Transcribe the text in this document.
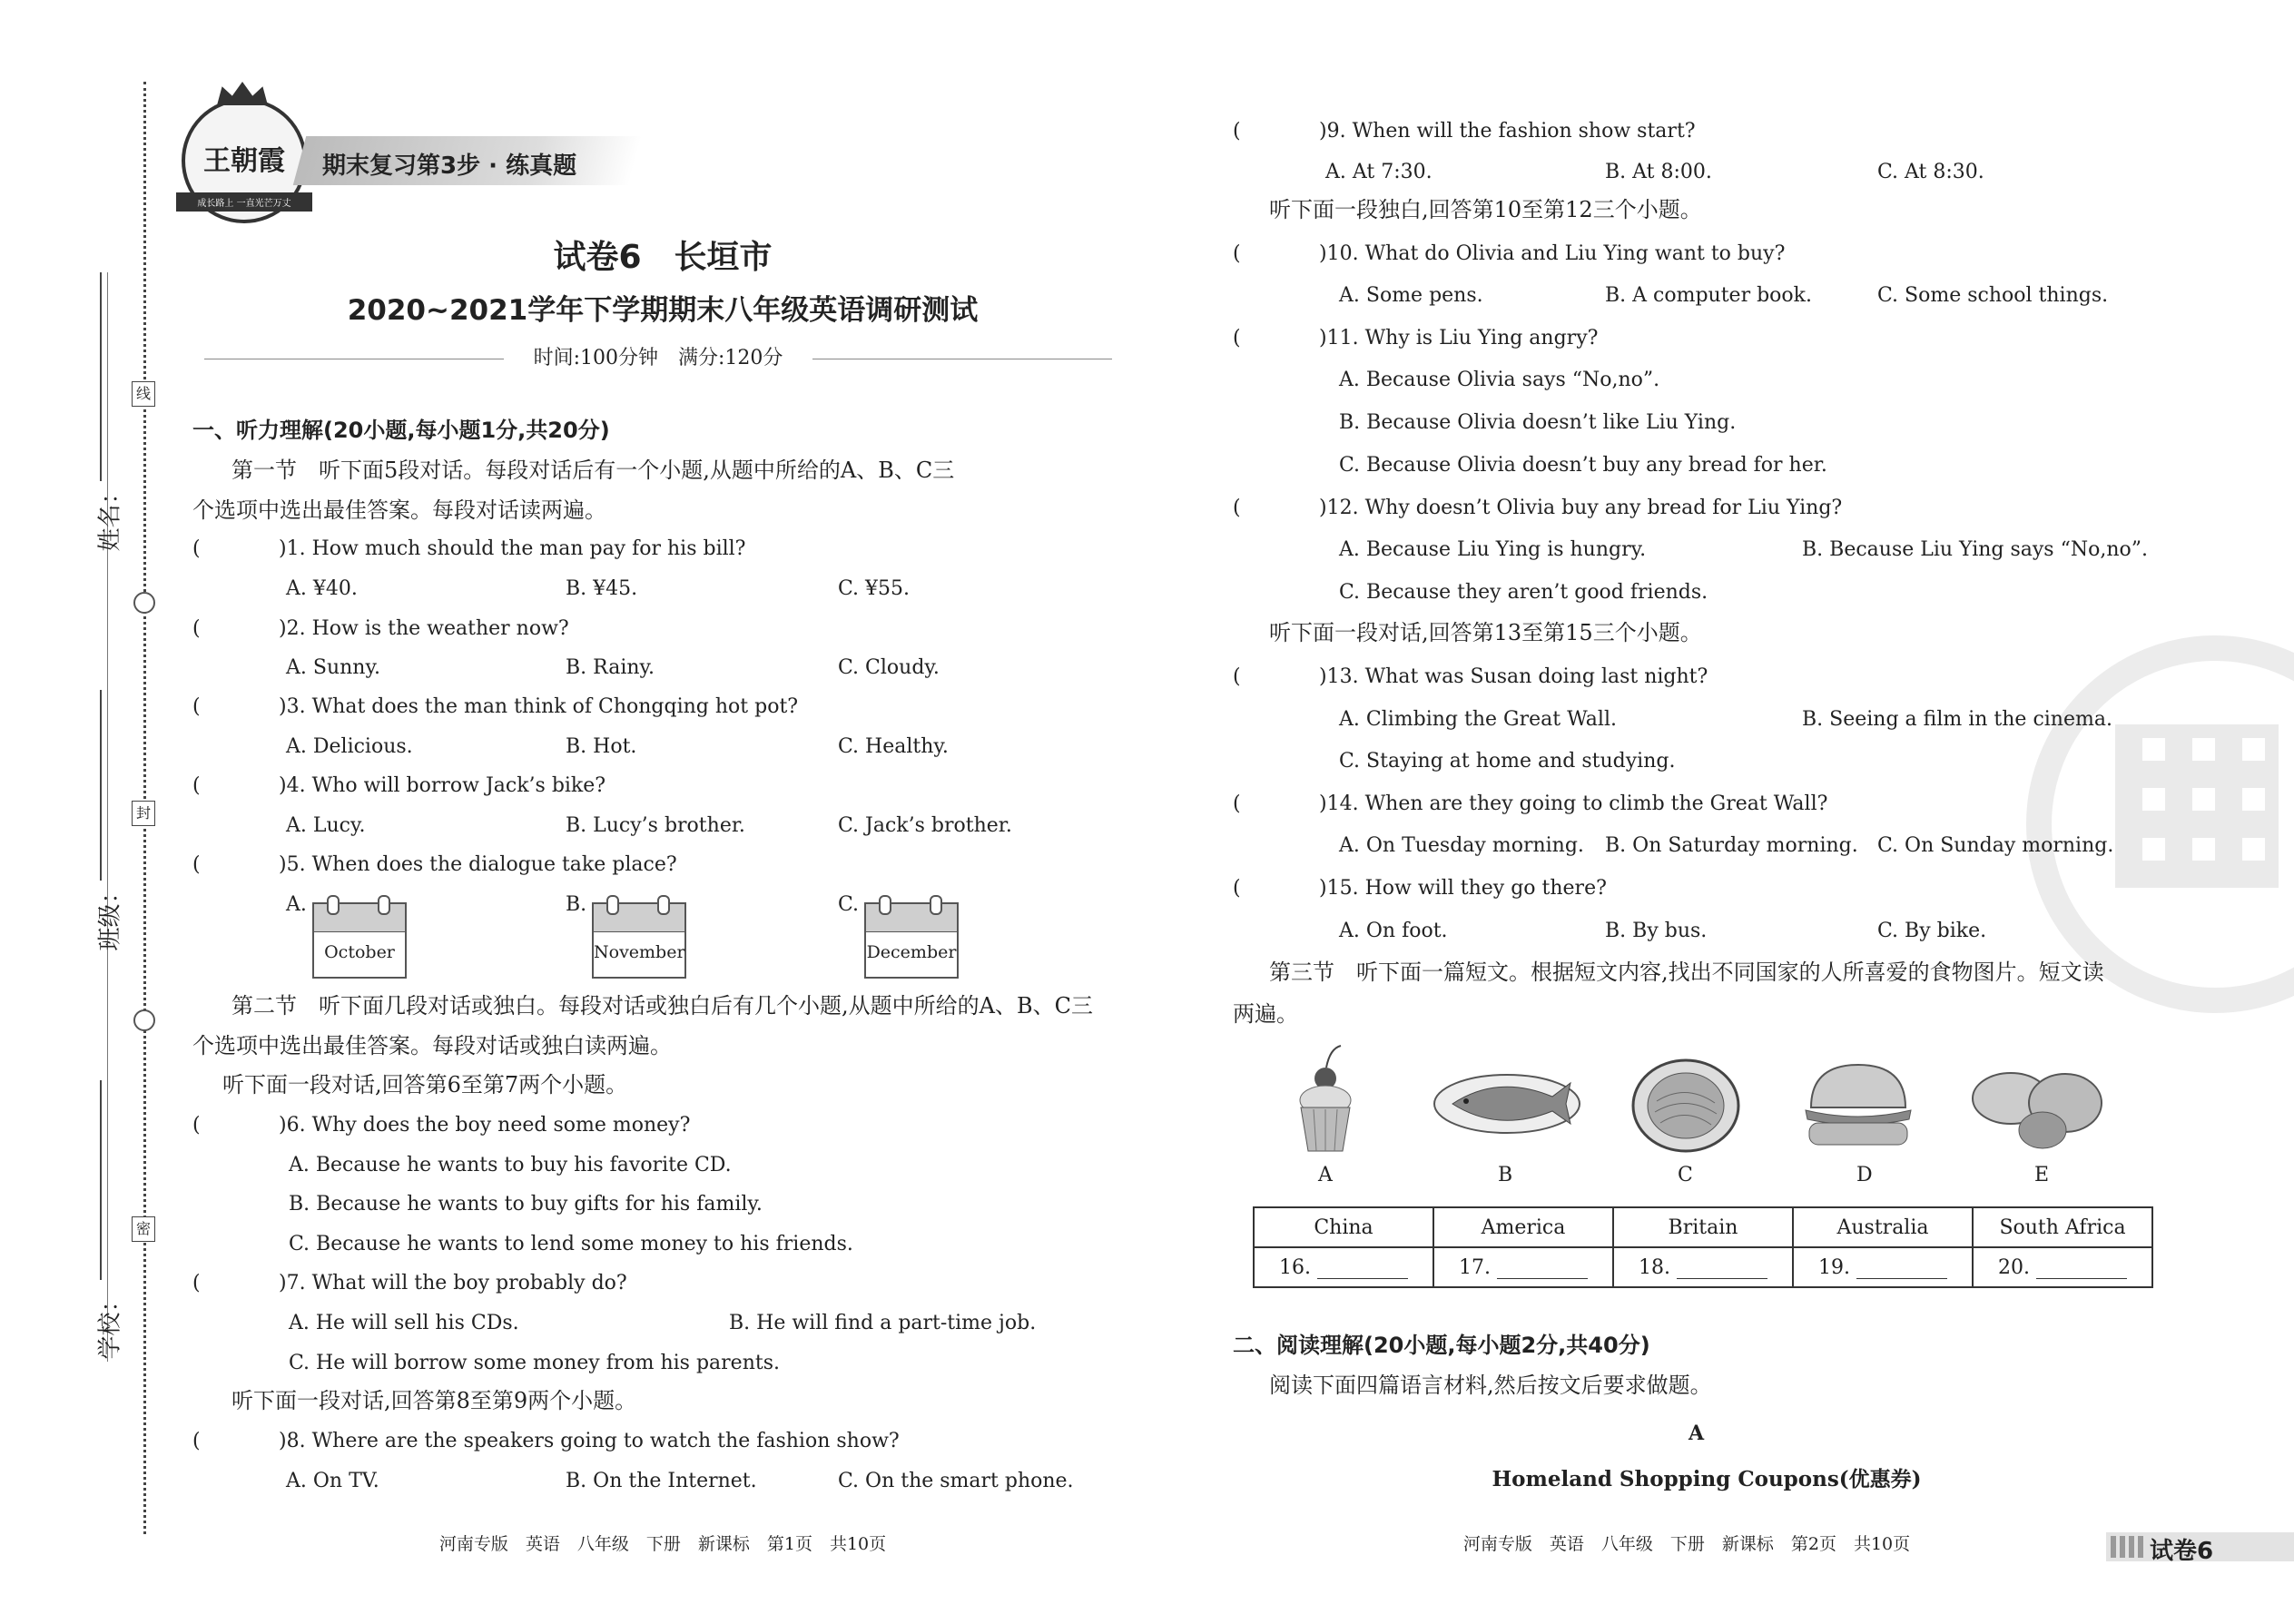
线
封
密
姓名：
班级：
学校：
王朝霞
成长路上 一直光芒万丈
期末复习第3步 · 练真题
试卷6　长垣市
2020~2021学年下学期期末八年级英语调研测试
时间:100分钟　满分:120分
一、听力理解(20小题,每小题1分,共20分)
第一节　听下面5段对话。每段对话后有一个小题,从题中所给的A、B、C三
个选项中选出最佳答案。每段对话读两遍。
(	)1. How much should the man pay for his bill?
A. ¥40.	B. ¥45.	C. ¥55.
(	)2. How is the weather now?
A. Sunny.	B. Rainy.	C. Cloudy.
(	)3. What does the man think of Chongqing hot pot?
A. Delicious.	B. Hot.	C. Healthy.
(	)4. Who will borrow Jack’s bike?
A. Lucy.	B. Lucy’s brother.	C. Jack’s brother.
(	)5. When does the dialogue take place?
A.	B.	C.
October	November	December
第二节　听下面几段对话或独白。每段对话或独白后有几个小题,从题中所给的A、B、C三
个选项中选出最佳答案。每段对话或独白读两遍。
听下面一段对话,回答第6至第7两个小题。
(	)6. Why does the boy need some money?
A. Because he wants to buy his favorite CD.
B. Because he wants to buy gifts for his family.
C. Because he wants to lend some money to his friends.
(	)7. What will the boy probably do?
A. He will sell his CDs.	B. He will find a part-time job.
C. He will borrow some money from his parents.
听下面一段对话,回答第8至第9两个小题。
(	)8. Where are the speakers going to watch the fashion show?
A. On TV.	B. On the Internet.	C. On the smart phone.
河南专版　英语　八年级　下册　新课标　第1页　共10页
(	)9. When will the fashion show start?
A. At 7:30.	B. At 8:00.	C. At 8:30.
听下面一段独白,回答第10至第12三个小题。
(	)10. What do Olivia and Liu Ying want to buy?
A. Some pens.	B. A computer book.	C. Some school things.
(	)11. Why is Liu Ying angry?
A. Because Olivia says “No,no”.
B. Because Olivia doesn’t like Liu Ying.
C. Because Olivia doesn’t buy any bread for her.
(	)12. Why doesn’t Olivia buy any bread for Liu Ying?
A. Because Liu Ying is hungry.	B. Because Liu Ying says “No,no”.
C. Because they aren’t good friends.
听下面一段对话,回答第13至第15三个小题。
(	)13. What was Susan doing last night?
A. Climbing the Great Wall.	B. Seeing a film in the cinema.
C. Staying at home and studying.
(	)14. When are they going to climb the Great Wall?
A. On Tuesday morning. B. On Saturday morning. C. On Sunday morning.
(	)15. How will they go there?
A. On foot.	B. By bus.	C. By bike.
第三节　听下面一篇短文。根据短文内容,找出不同国家的人所喜爱的食物图片。短文读
两遍。
A	B	C	D	E
China	America	Britain	Australia	South Africa
16.	17.	18.	19.	20.
二、阅读理解(20小题,每小题2分,共40分)
阅读下面四篇语言材料,然后按文后要求做题。
A
Homeland Shopping Coupons(优惠券)
河南专版　英语　八年级　下册　新课标　第2页　共10页	试卷6
